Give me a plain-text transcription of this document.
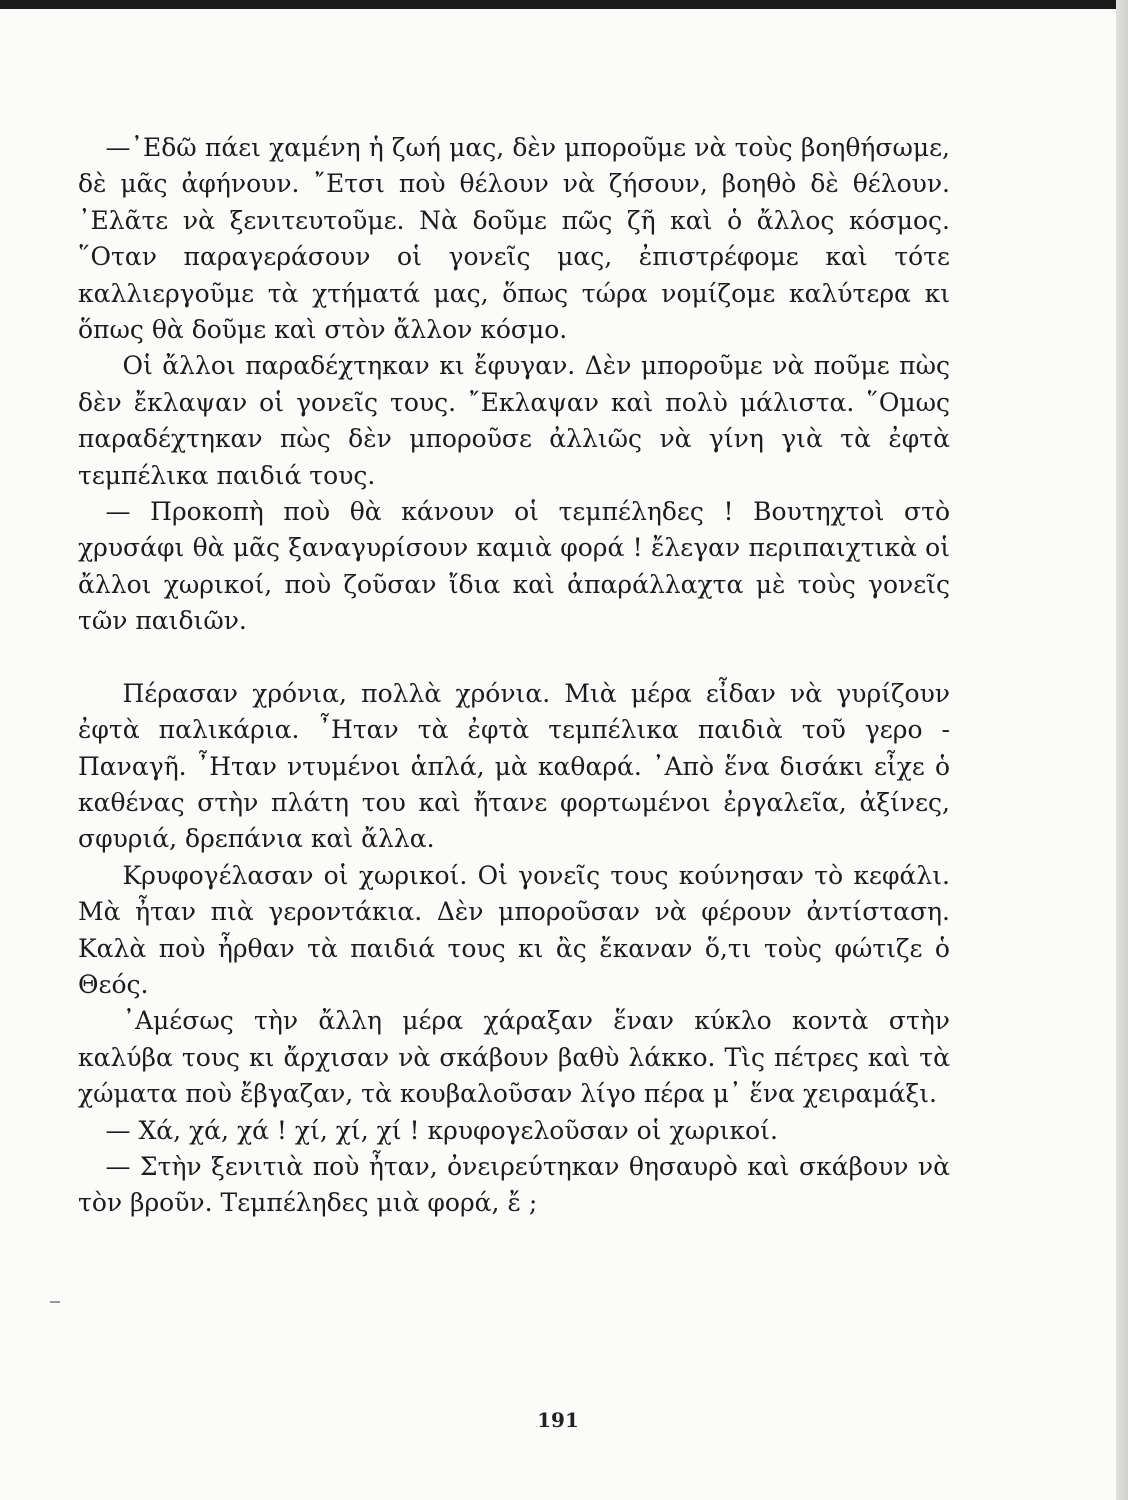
—᾿Εδῶ πάει χαμένη ἡ ζωή μας, δὲν μποροῦμε νὰ τοὺς βοηθήσωμε, δὲ μᾶς ἀφήνουν. ῎Ετσι ποὺ θέλουν νὰ ζήσουν, βοηθὸ δὲ θέλουν. ᾿Ελᾶτε νὰ ξενιτευτοῦμε. Νὰ δοῦμε πῶς ζῆ καὶ ὁ ἄλλος κόσμος. ῞Οταν παραγεράσουν οἱ γονεῖς μας, ἐπιστρέφομε καὶ τότε καλλιεργοῦμε τὰ χτήματά μας, ὅπως τώρα νομίζομε καλύτερα κι ὅπως θὰ δοῦμε καὶ στὸν ἄλλον κόσμο.

Οἱ ἄλλοι παραδέχτηκαν κι ἔφυγαν. Δὲν μποροῦμε νὰ ποῦμε πὼς δὲν ἔκλαψαν οἱ γονεῖς τους. ῎Εκλαψαν καὶ πολὺ μάλιστα. ῞Ομως παραδέχτηκαν πὼς δὲν μποροῦσε ἀλλιῶς νὰ γίνη γιὰ τὰ ἐφτὰ τεμπέλικα παιδιά τους.

— Προκοπὴ ποὺ θὰ κάνουν οἱ τεμπέληδες ! Βουτηχτοὶ στὸ χρυσάφι θὰ μᾶς ξαναγυρίσουν καμιὰ φορά ! ἔλεγαν περιπαιχτικὰ οἱ ἄλλοι χωρικοί, ποὺ ζοῦσαν ἴδια καὶ ἀπαράλλαχτα μὲ τοὺς γονεῖς τῶν παιδιῶν.

Πέρασαν χρόνια, πολλὰ χρόνια. Μιὰ μέρα εἶδαν νὰ γυρίζουν ἐφτὰ παλικάρια. ῏Ηταν τὰ ἐφτὰ τεμπέλικα παιδιὰ τοῦ γερο - Παναγῆ. ῏Ηταν ντυμένοι ἁπλά, μὰ καθαρά. ᾿Απὸ ἕνα δισάκι εἶχε ὁ καθένας στὴν πλάτη του καὶ ἤτανε φορτωμένοι ἐργαλεῖα, ἀξίνες, σφυριά, δρεπάνια καὶ ἄλλα.

Κρυφογέλασαν οἱ χωρικοί. Οἱ γονεῖς τους κούνησαν τὸ κεφάλι. Μὰ ἦταν πιὰ γεροντάκια. Δὲν μποροῦσαν νὰ φέρουν ἀντίσταση. Καλὰ ποὺ ἦρθαν τὰ παιδιά τους κι ἂς ἔκαναν ὅ,τι τοὺς φώτιζε ὁ Θεός.

᾿Αμέσως τὴν ἄλλη μέρα χάραξαν ἕναν κύκλο κοντὰ στὴν καλύβα τους κι ἄρχισαν νὰ σκάβουν βαθὺ λάκκο. Τὶς πέτρες καὶ τὰ χώματα ποὺ ἔβγαζαν, τὰ κουβαλοῦσαν λίγο πέρα μ᾿ ἕνα χειραμάξι.

— Χά, χά, χά ! χί, χί, χί ! κρυφογελοῦσαν οἱ χωρικοί.

— Στὴν ξενιτιὰ ποὺ ἦταν, ὀνειρεύτηκαν θησαυρὸ καὶ σκάβουν νὰ τὸν βροῦν. Τεμπέληδες μιὰ φορά, ἔ ;

191
